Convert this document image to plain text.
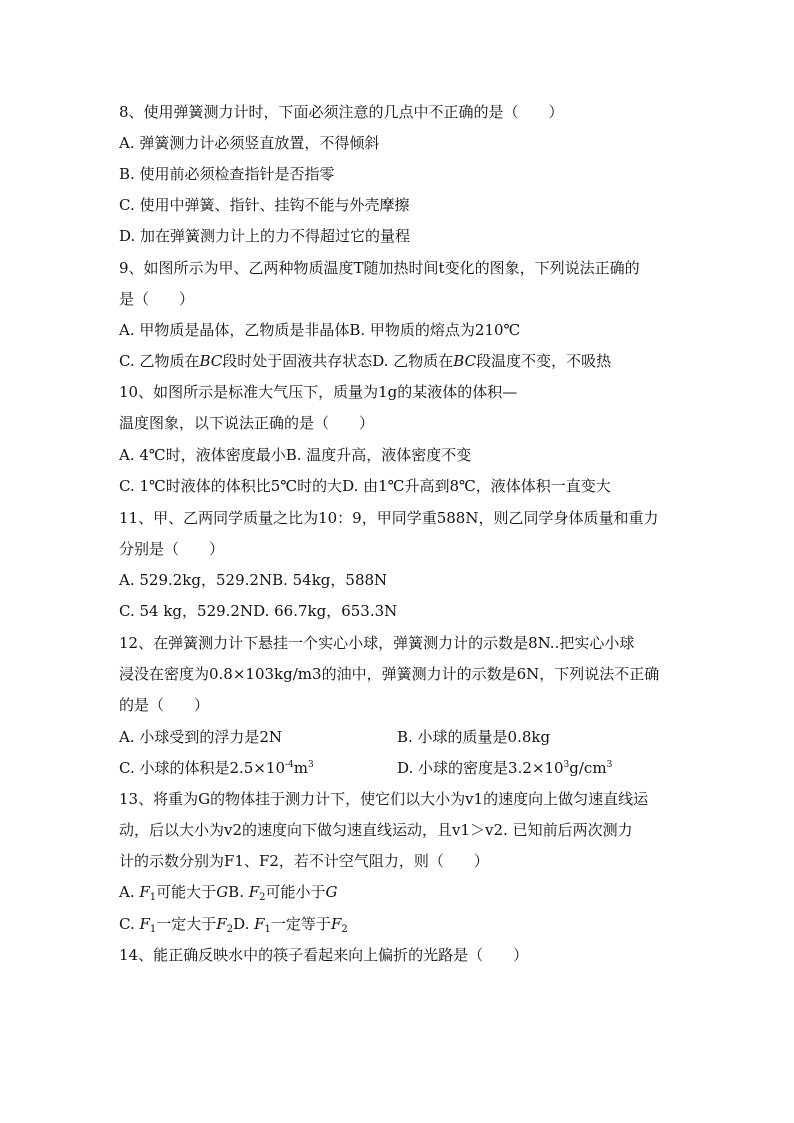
8、使用弹簧测力计时，下面必须注意的几点中不正确的是（　　）
A. 弹簧测力计必须竖直放置，不得倾斜
B. 使用前必须检查指针是否指零
C. 使用中弹簧、指针、挂钩不能与外壳摩擦
D. 加在弹簧测力计上的力不得超过它的量程
9、如图所示为甲、乙两种物质温度T随加热时间t变化的图象，下列说法正确的
是（　　）
A. 甲物质是晶体，乙物质是非晶体B. 甲物质的熔点为210℃
C. 乙物质在BC段时处于固液共存状态D. 乙物质在BC段温度不变，不吸热
10、如图所示是标准大气压下，质量为1g的某液体的体积—
温度图象，以下说法正确的是（　　）
A. 4℃时，液体密度最小B. 温度升高，液体密度不变
C. 1℃时液体的体积比5℃时的大D. 由1℃升高到8℃，液体体积一直变大
11、甲、乙两同学质量之比为10：9，甲同学重588N，则乙同学身体质量和重力
分别是（　　）
A. 529.2kg，529.2NB. 54kg，588N
C. 54 kg，529.2ND. 66.7kg，653.3N
12、在弹簧测力计下悬挂一个实心小球，弹簧测力计的示数是8N..把实心小球
浸没在密度为0.8×103kg/m3的油中，弹簧测力计的示数是6N，下列说法不正确
的是（　　）
A. 小球受到的浮力是2N	B. 小球的质量是0.8kg
C. 小球的体积是$2.5\times 10^{-4}m^3$	D. 小球的密度是$3.2\times 10^3g/cm^3$
13、将重为G的物体挂于测力计下，使它们以大小为v1的速度向上做匀速直线运
动，后以大小为v2的速度向下做匀速直线运动，且v1＞v2. 已知前后两次测力
计的示数分别为F1、F2，若不计空气阻力，则（　　）
A. $F_1$可能大于GB. $F_2$可能小于G
C. $F_1$一定大于$F_2D$. $F_1$一定等于$F_2$
14、能正确反映水中的筷子看起来向上偏折的光路是（　　）
